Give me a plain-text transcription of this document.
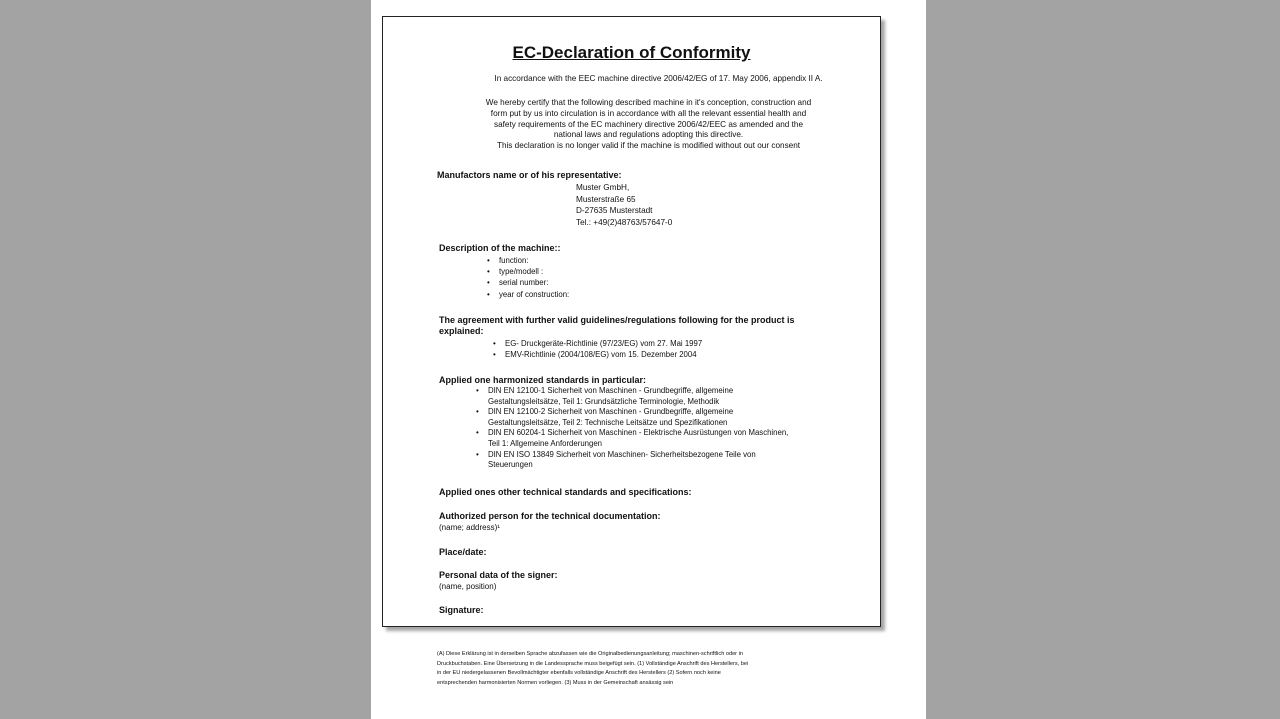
EC-Declaration of Conformity
In accordance with the EEC machine directive 2006/42/EG of 17. May 2006, appendix II A.
We hereby certify that the following described machine in it's conception, construction and
form put by us into circulation is in accordance with all the relevant essential health and
safety requirements of the EC machinery directive 2006/42/EEC as amended and the
national laws and regulations adopting this directive.
This declaration is no longer valid if the machine is modified without out our consent
Manufactors name or of his representative:
Muster GmbH,
Musterstraße 65
D-27635 Musterstadt
Tel.: +49(2)48763/57647-0
Description of the machine::
• function:
• type/modell :
• serial number:
• year of construction:
The agreement with further valid guidelines/regulations following for the product is
explained:
• EG- Druckgeräte-Richtlinie (97/23/EG) vom 27. Mai 1997
• EMV-Richtlinie (2004/108/EG) vom 15. Dezember 2004
Applied one harmonized standards in particular:
• DIN EN 12100-1 Sicherheit von Maschinen - Grundbegriffe, allgemeine
Gestaltungsleitsätze, Teil 1: Grundsätzliche Terminologie, Methodik
• DIN EN 12100-2 Sicherheit von Maschinen - Grundbegriffe, allgemeine
Gestaltungsleitsätze, Teil 2: Technische Leitsätze und Spezifikationen
• DIN EN 60204-1 Sicherheit von Maschinen - Elektrische Ausrüstungen von Maschinen,
Teil 1: Allgemeine Anforderungen
• DIN EN ISO 13849 Sicherheit von Maschinen- Sicherheitsbezogene Teile von
Steuerungen
Applied ones other technical standards and specifications:
Authorized person for the technical documentation:
(name; address)¹
Place/date:
Personal data of the signer:
(name, position)
Signature:
(A) Diese Erklärung ist in derselben Sprache abzufassen wie die Originalbedienungsanleitung; maschinen-schriftlich oder in
Druckbuchstaben. Eine Übersetzung in die Landessprache muss beigefügt sein. (1) Vollständige Anschrift des Herstellers, bei
in der EU niedergelassenen Bevollmächtigter ebenfalls vollständige Anschrift des Herstellers (2) Sofern noch keine
entsprechenden harmonisierten Normen vorliegen. (3) Muss in der Gemeinschaft ansässig sein
